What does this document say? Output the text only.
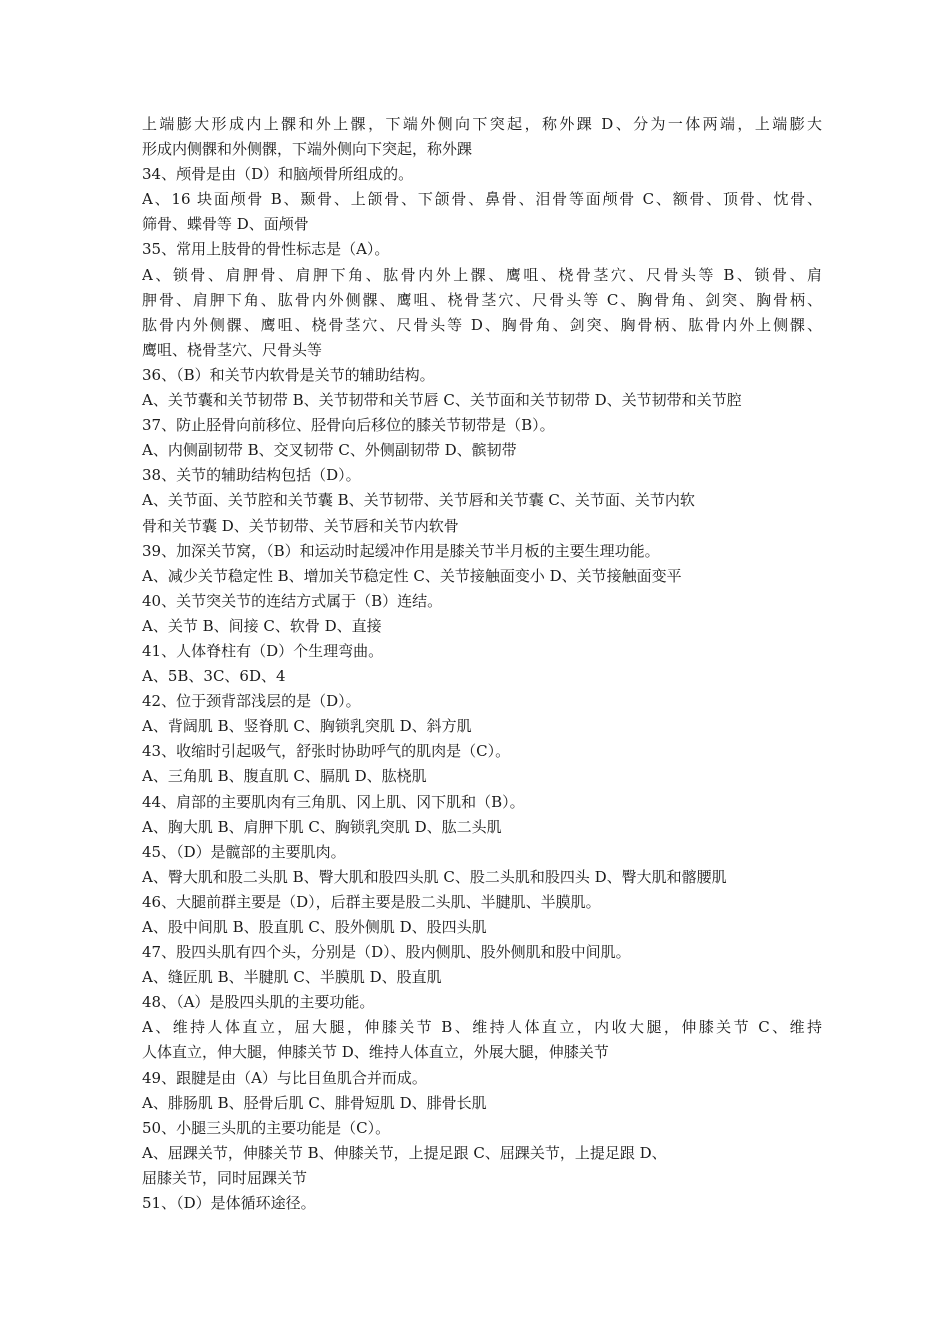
上端膨大形成内上髁和外上髁，下端外侧向下突起，称外踝 D、分为一体两端，上端膨大
形成内侧髁和外侧髁，下端外侧向下突起，称外踝
34、颅骨是由（D）和脑颅骨所组成的。
A、16 块面颅骨 B、颞骨、上颌骨、下颌骨、鼻骨、泪骨等面颅骨 C、额骨、顶骨、忱骨、
筛骨、蝶骨等 D、面颅骨
35、常用上肢骨的骨性标志是（A）。
A、锁骨、肩胛骨、肩胛下角、肱骨内外上髁、鹰咀、桡骨茎穴、尺骨头等 B、锁骨、肩
胛骨、肩胛下角、肱骨内外侧髁、鹰咀、桡骨茎穴、尺骨头等 C、胸骨角、剑突、胸骨柄、
肱骨内外侧髁、鹰咀、桡骨茎穴、尺骨头等 D、胸骨角、剑突、胸骨柄、肱骨内外上侧髁、
鹰咀、桡骨茎穴、尺骨头等
36、（B）和关节内软骨是关节的辅助结构。
A、关节囊和关节韧带 B、关节韧带和关节唇 C、关节面和关节韧带 D、关节韧带和关节腔
37、防止胫骨向前移位、胫骨向后移位的膝关节韧带是（B）。
A、内侧副韧带 B、交叉韧带 C、外侧副韧带 D、髌韧带
38、关节的辅助结构包括（D）。
A、关节面、关节腔和关节囊 B、关节韧带、关节唇和关节囊 C、关节面、关节内软
骨和关节囊 D、关节韧带、关节唇和关节内软骨
39、加深关节窝，（B）和运动时起缓冲作用是膝关节半月板的主要生理功能。
A、减少关节稳定性 B、增加关节稳定性 C、关节接触面变小 D、关节接触面变平
40、关节突关节的连结方式属于（B）连结。
A、关节 B、间接 C、软骨 D、直接
41、人体脊柱有（D）个生理弯曲。
A、5B、3C、6D、4
42、位于颈背部浅层的是（D）。
A、背阔肌 B、竖脊肌 C、胸锁乳突肌 D、斜方肌
43、收缩时引起吸气，舒张时协助呼气的肌肉是（C）。
A、三角肌 B、腹直肌 C、膈肌 D、肱桡肌
44、肩部的主要肌肉有三角肌、冈上肌、冈下肌和（B）。
A、胸大肌 B、肩胛下肌 C、胸锁乳突肌 D、肱二头肌
45、（D）是髋部的主要肌肉。
A、臀大肌和股二头肌 B、臀大肌和股四头肌 C、股二头肌和股四头 D、臀大肌和髂腰肌
46、大腿前群主要是（D），后群主要是股二头肌、半腱肌、半膜肌。
A、股中间肌 B、股直肌 C、股外侧肌 D、股四头肌
47、股四头肌有四个头，分别是（D）、股内侧肌、股外侧肌和股中间肌。
A、缝匠肌 B、半腱肌 C、半膜肌 D、股直肌
48、（A）是股四头肌的主要功能。
A、维持人体直立，屈大腿，伸膝关节 B、维持人体直立，内收大腿，伸膝关节 C、维持
人体直立，伸大腿，伸膝关节 D、维持人体直立，外展大腿，伸膝关节
49、跟腱是由（A）与比目鱼肌合并而成。
A、腓肠肌 B、胫骨后肌 C、腓骨短肌 D、腓骨长肌
50、小腿三头肌的主要功能是（C）。
A、屈踝关节，伸膝关节 B、伸膝关节，上提足跟 C、屈踝关节，上提足跟 D、
屈膝关节，同时屈踝关节
51、（D）是体循环途径。
